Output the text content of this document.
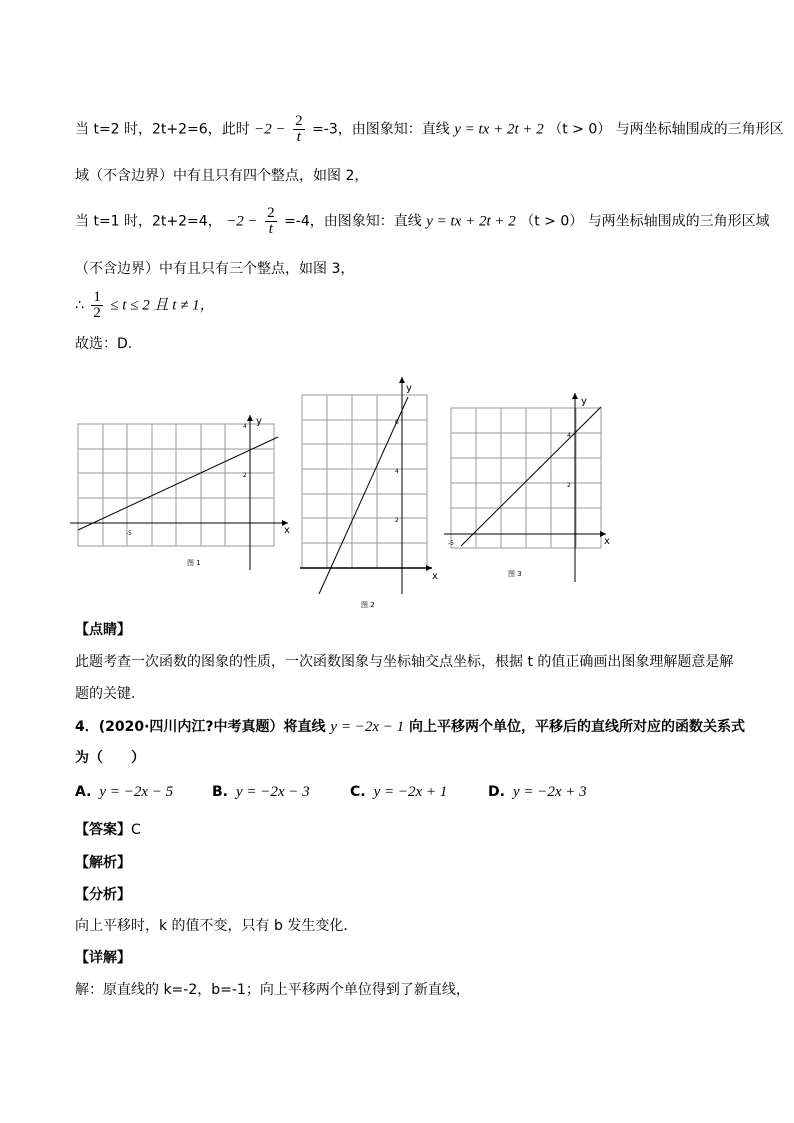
当 t=2 时，2t+2=6，此时 $-2 - \frac{2}{t} =-3$，由图象知：直线 y = tx + 2t + 2 （t > 0） 与两坐标轴围成的三角形区
域（不含边界）中有且只有四个整点，如图 2，
当 t=1 时，2t+2=4， $-2 - \frac{2}{t} =-4$，由图象知：直线 y = tx + 2t + 2 （t > 0） 与两坐标轴围成的三角形区域
（不含边界）中有且只有三个整点，如图 3，
∴ $\frac{1}{2} \le t \le 2$ 且 t ≠ 1，
故选：D.
x
y
-5
2
4
图 1
x
y
2
4
6
图 2
x
y
-5
2
4
图 3
【点睛】
此题考查一次函数的图象的性质，一次函数图象与坐标轴交点坐标，根据 t 的值正确画出图象理解题意是解
题的关键.
4．(2020·四川内江?中考真题）将直线 y = −2x − 1 向上平移两个单位，平移后的直线所对应的函数关系式
为（　　）
A. y = −2x − 5	B. y = −2x − 3	C. y = −2x + 1	D. y = −2x + 3
【答案】C
【解析】
【分析】
向上平移时，k 的值不变，只有 b 发生变化．
【详解】
解：原直线的 k=-2，b=-1；向上平移两个单位得到了新直线，
